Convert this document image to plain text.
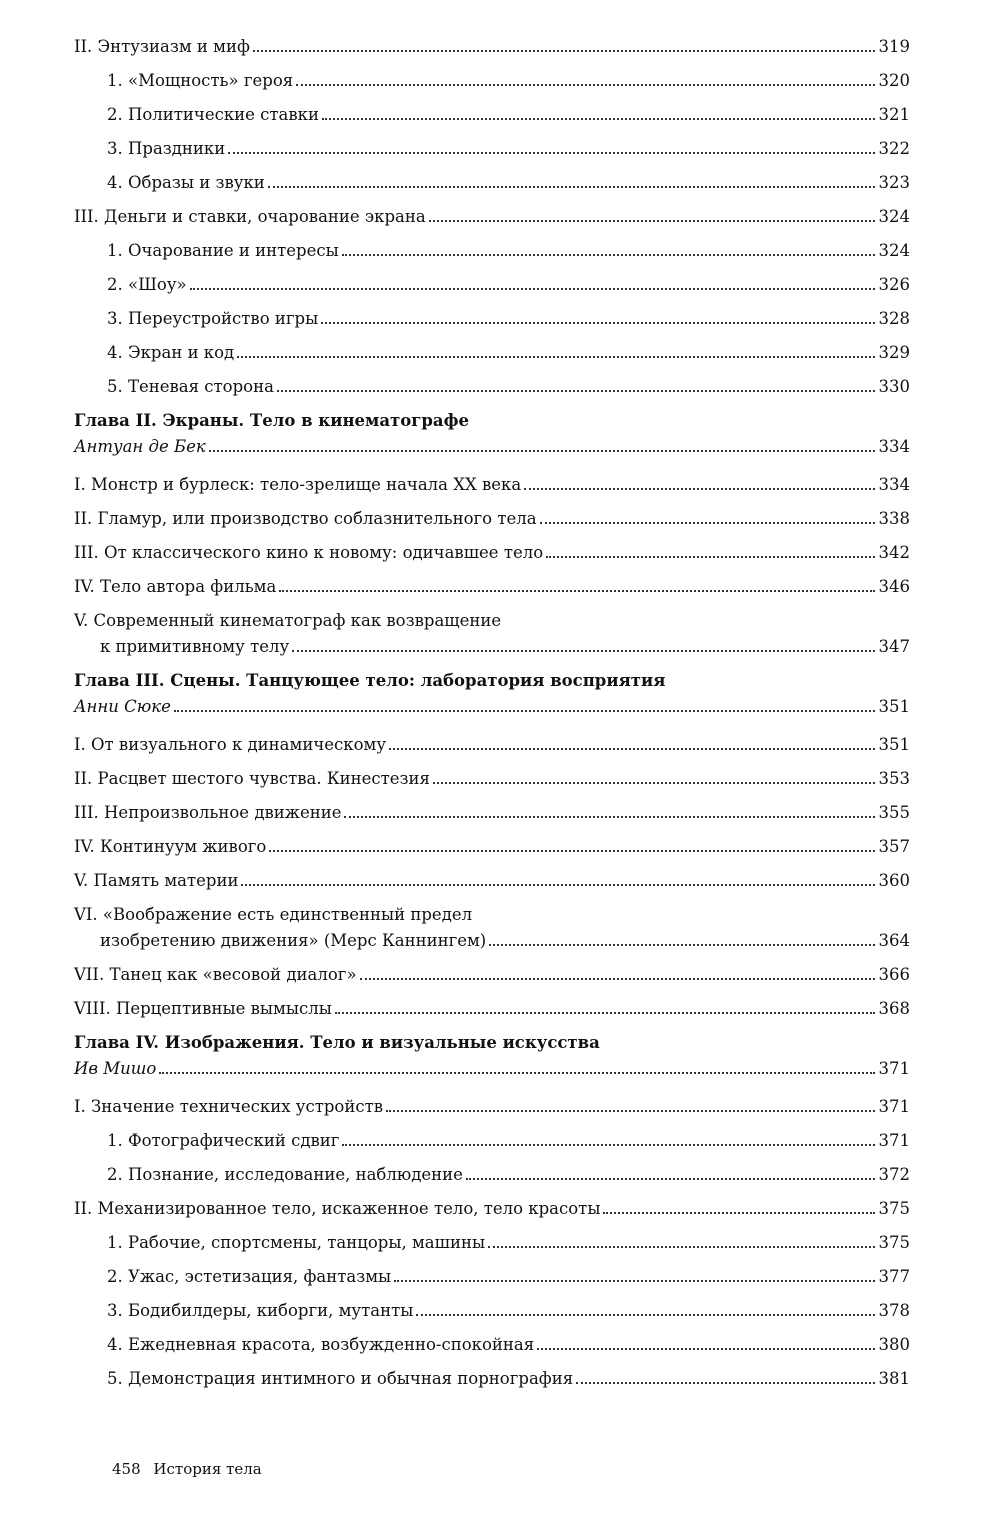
II. Энтузиазм и миф	319
1. «Мощность» героя	320
2. Политические ставки	321
3. Праздники	322
4. Образы и звуки	323
III. Деньги и ставки, очарование экрана	324
1. Очарование и интересы	324
2. «Шоу»	326
3. Переустройство игры	328
4. Экран и код	329
5. Теневая сторона	330
Глава II. Экраны. Тело в кинематографе
Антуан де Бек	334
I. Монстр и бурлеск: тело-зрелище начала XX века	334
II. Гламур, или производство соблазнительного тела	338
III. От классического кино к новому: одичавшее тело	342
IV. Тело автора фильма	346
V. Современный кинематограф как возвращение
к примитивному телу	347
Глава III. Сцены. Танцующее тело: лаборатория восприятия
Анни Сюке	351
I. От визуального к динамическому	351
II. Расцвет шестого чувства. Кинестезия	353
III. Непроизвольное движение	355
IV. Континуум живого	357
V. Память материи	360
VI. «Воображение есть единственный предел
изобретению движения» (Мерс Каннингем)	364
VII. Танец как «весовой диалог»	366
VIII. Перцептивные вымыслы	368
Глава IV. Изображения. Тело и визуальные искусства
Ив Мишо	371
I. Значение технических устройств	371
1. Фотографический сдвиг	371
2. Познание, исследование, наблюдение	372
II. Механизированное тело, искаженное тело, тело красоты	375
1. Рабочие, спортсмены, танцоры, машины	375
2. Ужас, эстетизация, фантазмы	377
3. Бодибилдеры, киборги, мутанты	378
4. Ежедневная красота, возбужденно-спокойная	380
5. Демонстрация интимного и обычная порнография	381
458 История тела
